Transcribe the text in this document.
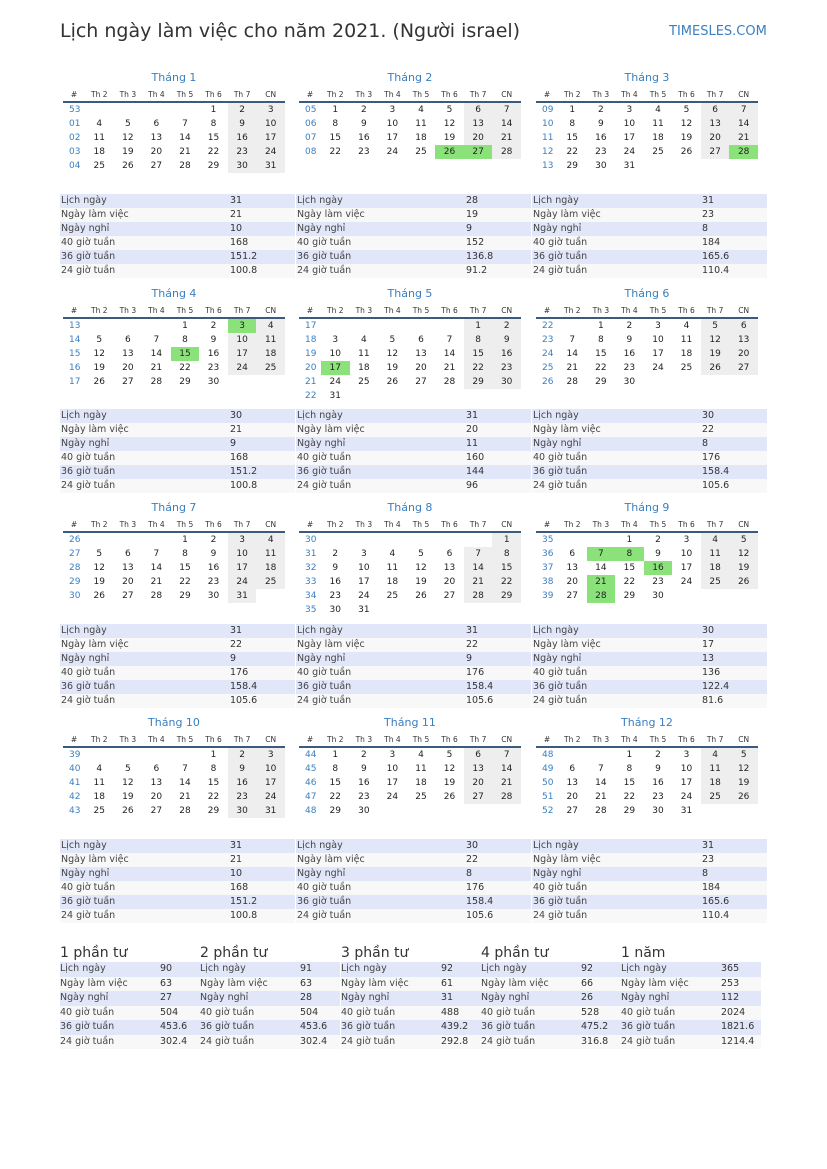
Lịch ngày làm việc cho năm 2021. (Người israel)	TIMESLES.COM
Tháng 1
#	Th 2	Th 3	Th 4	Th 5	Th 6	Th 7	CN
53					1	2	3
01	4	5	6	7	8	9	10
02	11	12	13	14	15	16	17
03	18	19	20	21	22	23	24
04	25	26	27	28	29	30	31
Lịch ngày	31
Ngày làm việc	21
Ngày nghỉ	10
40 giờ tuần	168
36 giờ tuần	151.2
24 giờ tuần	100.8
Tháng 2
#	Th 2	Th 3	Th 4	Th 5	Th 6	Th 7	CN
05	1	2	3	4	5	6	7
06	8	9	10	11	12	13	14
07	15	16	17	18	19	20	21
08	22	23	24	25	26	27	28
Lịch ngày	28
Ngày làm việc	19
Ngày nghỉ	9
40 giờ tuần	152
36 giờ tuần	136.8
24 giờ tuần	91.2
Tháng 3
#	Th 2	Th 3	Th 4	Th 5	Th 6	Th 7	CN
09	1	2	3	4	5	6	7
10	8	9	10	11	12	13	14
11	15	16	17	18	19	20	21
12	22	23	24	25	26	27	28
13	29	30	31				
Lịch ngày	31
Ngày làm việc	23
Ngày nghỉ	8
40 giờ tuần	184
36 giờ tuần	165.6
24 giờ tuần	110.4
Tháng 4
#	Th 2	Th 3	Th 4	Th 5	Th 6	Th 7	CN
13				1	2	3	4
14	5	6	7	8	9	10	11
15	12	13	14	15	16	17	18
16	19	20	21	22	23	24	25
17	26	27	28	29	30		
Lịch ngày	30
Ngày làm việc	21
Ngày nghỉ	9
40 giờ tuần	168
36 giờ tuần	151.2
24 giờ tuần	100.8
Tháng 5
#	Th 2	Th 3	Th 4	Th 5	Th 6	Th 7	CN
17						1	2
18	3	4	5	6	7	8	9
19	10	11	12	13	14	15	16
20	17	18	19	20	21	22	23
21	24	25	26	27	28	29	30
22	31						
Lịch ngày	31
Ngày làm việc	20
Ngày nghỉ	11
40 giờ tuần	160
36 giờ tuần	144
24 giờ tuần	96
Tháng 6
#	Th 2	Th 3	Th 4	Th 5	Th 6	Th 7	CN
22		1	2	3	4	5	6
23	7	8	9	10	11	12	13
24	14	15	16	17	18	19	20
25	21	22	23	24	25	26	27
26	28	29	30				
Lịch ngày	30
Ngày làm việc	22
Ngày nghỉ	8
40 giờ tuần	176
36 giờ tuần	158.4
24 giờ tuần	105.6
Tháng 7
#	Th 2	Th 3	Th 4	Th 5	Th 6	Th 7	CN
26				1	2	3	4
27	5	6	7	8	9	10	11
28	12	13	14	15	16	17	18
29	19	20	21	22	23	24	25
30	26	27	28	29	30	31	
Lịch ngày	31
Ngày làm việc	22
Ngày nghỉ	9
40 giờ tuần	176
36 giờ tuần	158.4
24 giờ tuần	105.6
Tháng 8
#	Th 2	Th 3	Th 4	Th 5	Th 6	Th 7	CN
30							1
31	2	3	4	5	6	7	8
32	9	10	11	12	13	14	15
33	16	17	18	19	20	21	22
34	23	24	25	26	27	28	29
35	30	31					
Lịch ngày	31
Ngày làm việc	22
Ngày nghỉ	9
40 giờ tuần	176
36 giờ tuần	158.4
24 giờ tuần	105.6
Tháng 9
#	Th 2	Th 3	Th 4	Th 5	Th 6	Th 7	CN
35			1	2	3	4	5
36	6	7	8	9	10	11	12
37	13	14	15	16	17	18	19
38	20	21	22	23	24	25	26
39	27	28	29	30			
Lịch ngày	30
Ngày làm việc	17
Ngày nghỉ	13
40 giờ tuần	136
36 giờ tuần	122.4
24 giờ tuần	81.6
Tháng 10
#	Th 2	Th 3	Th 4	Th 5	Th 6	Th 7	CN
39					1	2	3
40	4	5	6	7	8	9	10
41	11	12	13	14	15	16	17
42	18	19	20	21	22	23	24
43	25	26	27	28	29	30	31
Lịch ngày	31
Ngày làm việc	21
Ngày nghỉ	10
40 giờ tuần	168
36 giờ tuần	151.2
24 giờ tuần	100.8
Tháng 11
#	Th 2	Th 3	Th 4	Th 5	Th 6	Th 7	CN
44	1	2	3	4	5	6	7
45	8	9	10	11	12	13	14
46	15	16	17	18	19	20	21
47	22	23	24	25	26	27	28
48	29	30					
Lịch ngày	30
Ngày làm việc	22
Ngày nghỉ	8
40 giờ tuần	176
36 giờ tuần	158.4
24 giờ tuần	105.6
Tháng 12
#	Th 2	Th 3	Th 4	Th 5	Th 6	Th 7	CN
48			1	2	3	4	5
49	6	7	8	9	10	11	12
50	13	14	15	16	17	18	19
51	20	21	22	23	24	25	26
52	27	28	29	30	31		
Lịch ngày	31
Ngày làm việc	23
Ngày nghỉ	8
40 giờ tuần	184
36 giờ tuần	165.6
24 giờ tuần	110.4
1 phần tư
Lịch ngày	90
Ngày làm việc	63
Ngày nghỉ	27
40 giờ tuần	504
36 giờ tuần	453.6
24 giờ tuần	302.4
2 phần tư
Lịch ngày	91
Ngày làm việc	63
Ngày nghỉ	28
40 giờ tuần	504
36 giờ tuần	453.6
24 giờ tuần	302.4
3 phần tư
Lịch ngày	92
Ngày làm việc	61
Ngày nghỉ	31
40 giờ tuần	488
36 giờ tuần	439.2
24 giờ tuần	292.8
4 phần tư
Lịch ngày	92
Ngày làm việc	66
Ngày nghỉ	26
40 giờ tuần	528
36 giờ tuần	475.2
24 giờ tuần	316.8
1 năm
Lịch ngày	365
Ngày làm việc	253
Ngày nghỉ	112
40 giờ tuần	2024
36 giờ tuần	1821.6
24 giờ tuần	1214.4
